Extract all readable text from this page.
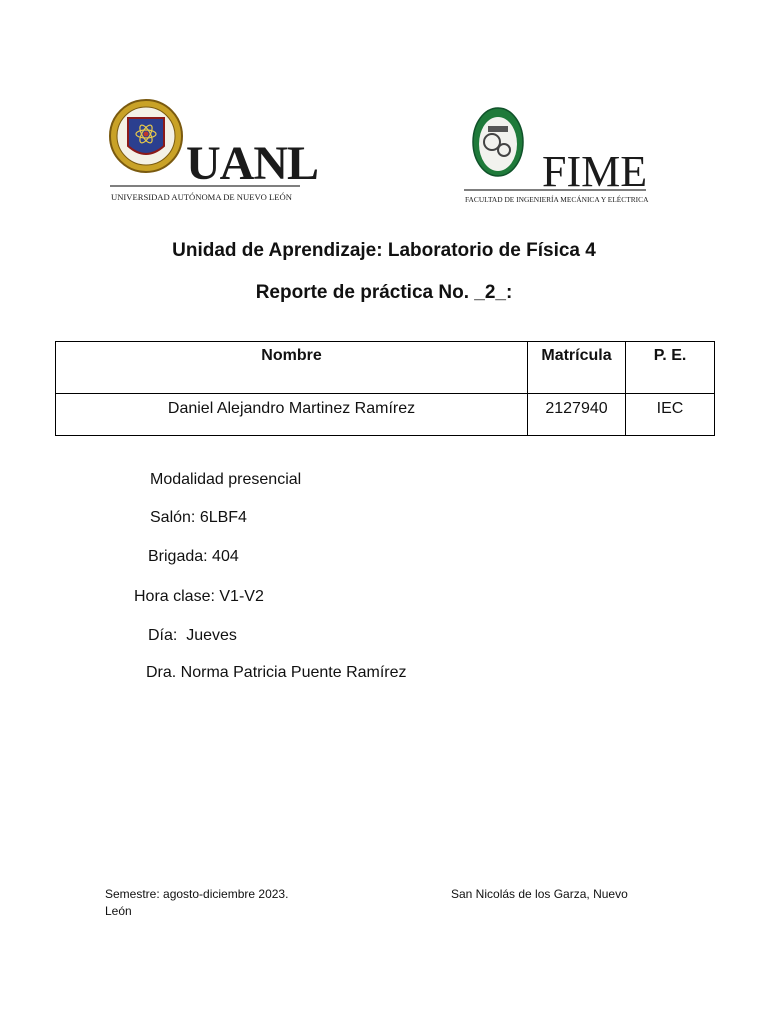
UANL
UNIVERSIDAD AUTÓNOMA DE NUEVO LEÓN
FIME
FACULTAD DE INGENIERÍA MECÁNICA Y ELÉCTRICA
Unidad de Aprendizaje: Laboratorio de Física 4
Reporte de práctica No. _2_:
Nombre	Matrícula	P. E.
Daniel Alejandro Martinez Ramírez	2127940	IEC
Modalidad presencial
Salón: 6LBF4
Brigada: 404
Hora clase: V1-V2
Día:  Jueves
Dra. Norma Patricia Puente Ramírez
Semestre: agosto-diciembre 2023.	San Nicolás de los Garza, Nuevo
León
